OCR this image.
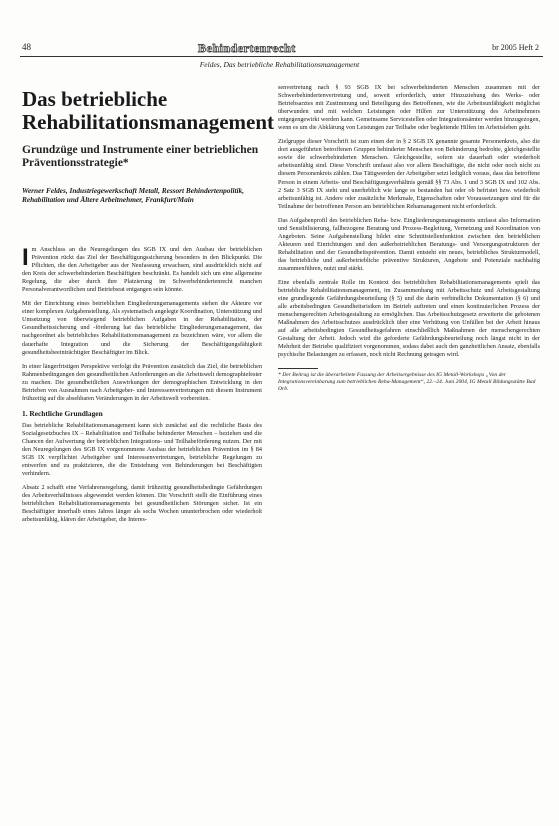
48	Behindertenrecht	br 2005 Heft 2
Feldes, Das betriebliche Rehabilitationsmanagement
Das betriebliche Rehabilitationsmanagement
Grundzüge und Instrumente einer betrieblichen Präventionsstrategie*

Werner Feldes, Industriegewerkschaft Metall, Ressort Behindertenpolitik, Rehabilitation und Ältere Arbeitnehmer, Frankfurt/Main

Im Anschluss an die Neuregelungen des SGB IX und den Ausbau der betrieblichen Prävention rückt das Ziel der Beschäftigungssicherung besonders in den Blickpunkt. Die Pflichten, die den Arbeitgeber aus der Neufassung erwachsen, sind ausdrücklich nicht auf den Kreis der schwerbehinderten Beschäftigten beschränkt. Es handelt sich um eine allgemeine Regelung, die aber durch ihre Platzierung im Schwerbehindertenrecht manchen Personalverantwortlichen und Betriebsrat entgangen sein könnte.

Mit der Einrichtung eines betrieblichen Eingliederungsmanagements stehen die Akteure vor einer komplexen Aufgabenstellung. Als systematisch angelegte Koordination, Unterstützung und Umsetzung von überwiegend betrieblichen Aufgaben in der Rehabilitation, der Gesundheitssicherung und -förderung hat das betriebliche Eingliederungsmanagement, das nachgeordnet als betriebliches Rehabilitationsmanagement zu bezeichnen wäre, vor allem die dauerhafte Integration und die Sicherung der Beschäftigungsfähigkeit gesundheitsbeeinträchtigter Beschäftigter im Blick.

In einer längerfristigen Perspektive verfolgt die Prävention zusätzlich das Ziel, die betrieblichen Rahmenbedingungen den gesundheitlichen Anforderungen an die Arbeitswelt demographiefester zu machen. Die gesundheitlichen Auswirkungen der demographischen Entwicklung in den Betrieben von Ausnahmen nach Arbeitgeber- und Interessenvertretungen mit diesem Instrument frühzeitig auf die absehbaren Veränderungen in der Arbeitswelt vorbereiten.

1. Rechtliche Grundlagen

Das betriebliche Rehabilitationsmanagement kann sich zunächst auf die rechtliche Basis des Sozialgesetzbuches IX – Rehabilitation und Teilhabe behinderter Menschen – beziehen und die Chancen der Aufwertung der betrieblichen Integrations- und Teilhabeförderung nutzen. Der mit den Neuregelungen des SGB IX vorgenommene Ausbau der betrieblichen Prävention im § 84 SGB IX verpflichtet Arbeitgeber und Interessenvertretungen, betriebliche Regelungen zu entwerfen und zu praktizieren, die die Entstehung von Behinderungen bei Beschäftigten verhindern.

Absatz 2 schafft eine Verfahrensregelung, damit frühzeitig gesundheitsbedingte Gefährdungen des Arbeitsverhältnisses abgewendet werden können. Die Vorschrift stellt die Einführung eines betrieblichen Rehabilitationsmanagements bei gesundheitlichen Störungen sicher. Ist ein Beschäftigter innerhalb eines Jahres länger als sechs Wochen ununterbrochen oder wiederholt arbeitsunfähig, klären der Arbeitgeber, die Interes-

senvertretung nach § 93 SGB IX bei schwerbehinderten Menschen zusammen mit der Schwerbehindertenvertretung und, soweit erforderlich, unter Hinzuziehung des Werks- oder Betriebsarztes mit Zustimmung und Beteiligung des Betroffenen, wie die Arbeitsunfähigkeit möglichst überwunden und mit welchen Leistungen oder Hilfen zur Unterstützung des Arbeitnehmers entgegengewirkt werden kann. Gemeinsame Servicestellen oder Integrationsämter werden hinzugezogen, wenn es um die Abklärung von Leistungen zur Teilhabe oder begleitende Hilfen im Arbeitsleben geht.

Zielgruppe dieser Vorschrift ist zum einen der in § 2 SGB IX genannte gesamte Personenkreis, also die dort ausgeführten betroffenen Gruppen behinderter Menschen von Behinderung bedrohte, gleichgestellte sowie die schwerbehinderten Menschen. Gleichgestellte, sofern sie dauerhaft oder wiederholt arbeitsunfähig sind. Diese Vorschrift umfasst also vor allem Beschäftigte, die nicht oder noch nicht zu diesem Personenkreis zählen. Das Tätigwerden der Arbeitgeber setzt lediglich voraus, dass das betroffene Person in einem Arbeits- und Beschäftigungsverhältnis gemäß §§ 73 Abs. 1 und 3 SGB IX und 102 Abs. 2 Satz 3 SGB IX steht und unerheblich wie lange es bestanden hat oder ob befristet bzw. wiederholt arbeitsunfähig ist. Andere oder zusätzliche Merkmale, Eigenschaften oder Voraussetzungen sind für die Teilnahme der betroffenen Person am betrieblichen Rehamanagement nicht erforderlich.

Das Aufgabenprofil des betrieblichen Reha- bzw. Eingliederungsmanagements umfasst also Information und Sensibilisierung, fallbezogene Beratung und Prozess-Begleitung, Vernetzung und Koordination von Angeboten. Seine Aufgabenstellung bildet eine Schnittstellenfunktion zwischen den betrieblichen Akteuren und Einrichtungen und den außerbetrieblichen Beratungs- und Versorgungsstrukturen der Rehabilitation und der Gesundheitsprävention. Damit entsteht ein neues, betriebliches Strukturmodell, das betriebliche und außerbetriebliche präventive Strukturen, Angebote und Potenziale nachhaltig zusammenführen, nutzt und stärkt.

Eine ebenfalls zentrale Rolle im Kontext des betrieblichen Rehabilitationsmanagements spielt das betriebliche Rehabilitationsmanagement, im Zusammenhang mit Arbeitsschutz und Arbeitsgestaltung eine grundlegende Gefährdungsbeurteilung (§ 5) und die darin verbindliche Dokumentation (§ 6) und alle arbeitsbedingten Gesundheitsrisiken im Betrieb auftreten und einen kontinuierlichen Prozess der menschengerechten Arbeitsgestaltung zu ermöglichen. Das Arbeitsschutzgesetz erweiterte die gebotenen Maßnahmen des Arbeitsschutzes ausdrücklich über eine Verhütung von Unfällen bei der Arbeit hinaus auf alle arbeitsbedingten Gesundheitsgefahren einschließlich Maßnahmen der menschengerechten Gestaltung der Arbeit. Jedoch wird die geforderte Gefährdungsbeurteilung noch längst nicht in der Mehrheit der Betriebe qualifiziert vorgenommen, sodass dabei auch den ganzheitlichen Ansatz, ebenfalls psychische Belastungen zu erfassen, noch nicht Rechnung getragen wird.

* Der Beitrag ist die überarbeitete Fassung der Arbeitsergebnisse des IG Metall-Workshops „Von der Integrationsvereinbarung zum betrieblichen Reha-Management“, 22.–24. Juni 2004, IG Metall Bildungsstätte Bad Orb.
